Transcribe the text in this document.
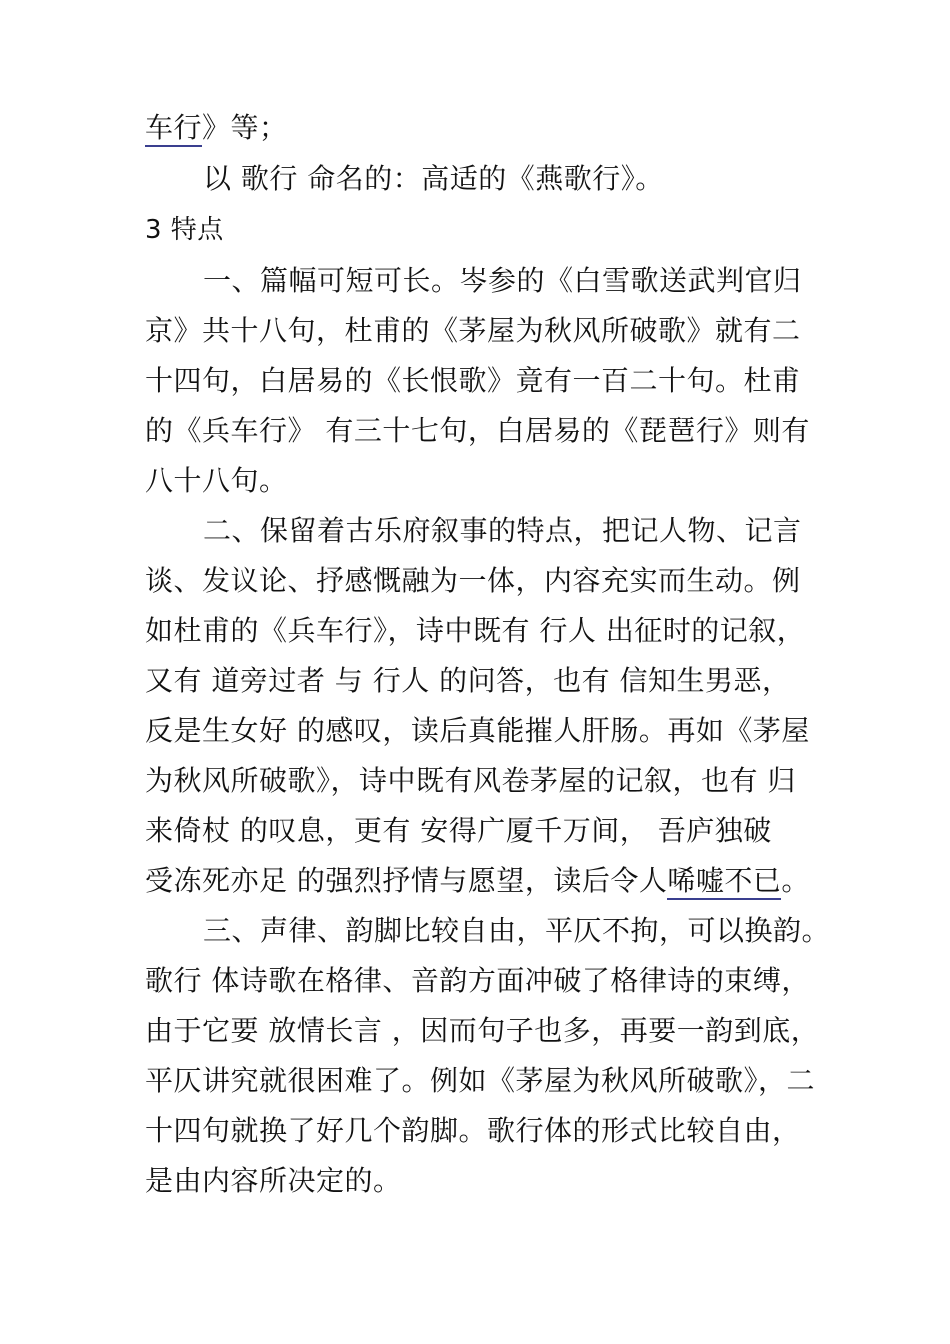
车行》等；
以 歌行 命名的：高适的《燕歌行》。
3 特点
一、篇幅可短可长。岑参的《白雪歌送武判官归
京》共十八句，杜甫的《茅屋为秋风所破歌》就有二
十四句，白居易的《长恨歌》竟有一百二十句。杜甫
的《兵车行》 有三十七句，白居易的《琵琶行》则有
八十八句。
二、保留着古乐府叙事的特点，把记人物、记言
谈、发议论、抒感慨融为一体，内容充实而生动。例
如杜甫的《兵车行》，诗中既有 行人 出征时的记叙，
又有 道旁过者 与 行人 的问答，也有 信知生男恶，
反是生女好 的感叹，读后真能摧人肝肠。再如《茅屋
为秋风所破歌》，诗中既有风卷茅屋的记叙，也有 归
来倚杖 的叹息，更有 安得广厦千万间， 吾庐独破
受冻死亦足 的强烈抒情与愿望，读后令人唏嘘不已。
三、声律、韵脚比较自由，平仄不拘，可以换韵。
歌行 体诗歌在格律、音韵方面冲破了格律诗的束缚，
由于它要 放情长言 ，因而句子也多，再要一韵到底，
平仄讲究就很困难了。例如《茅屋为秋风所破歌》，二
十四句就换了好几个韵脚。歌行体的形式比较自由，
是由内容所决定的。
